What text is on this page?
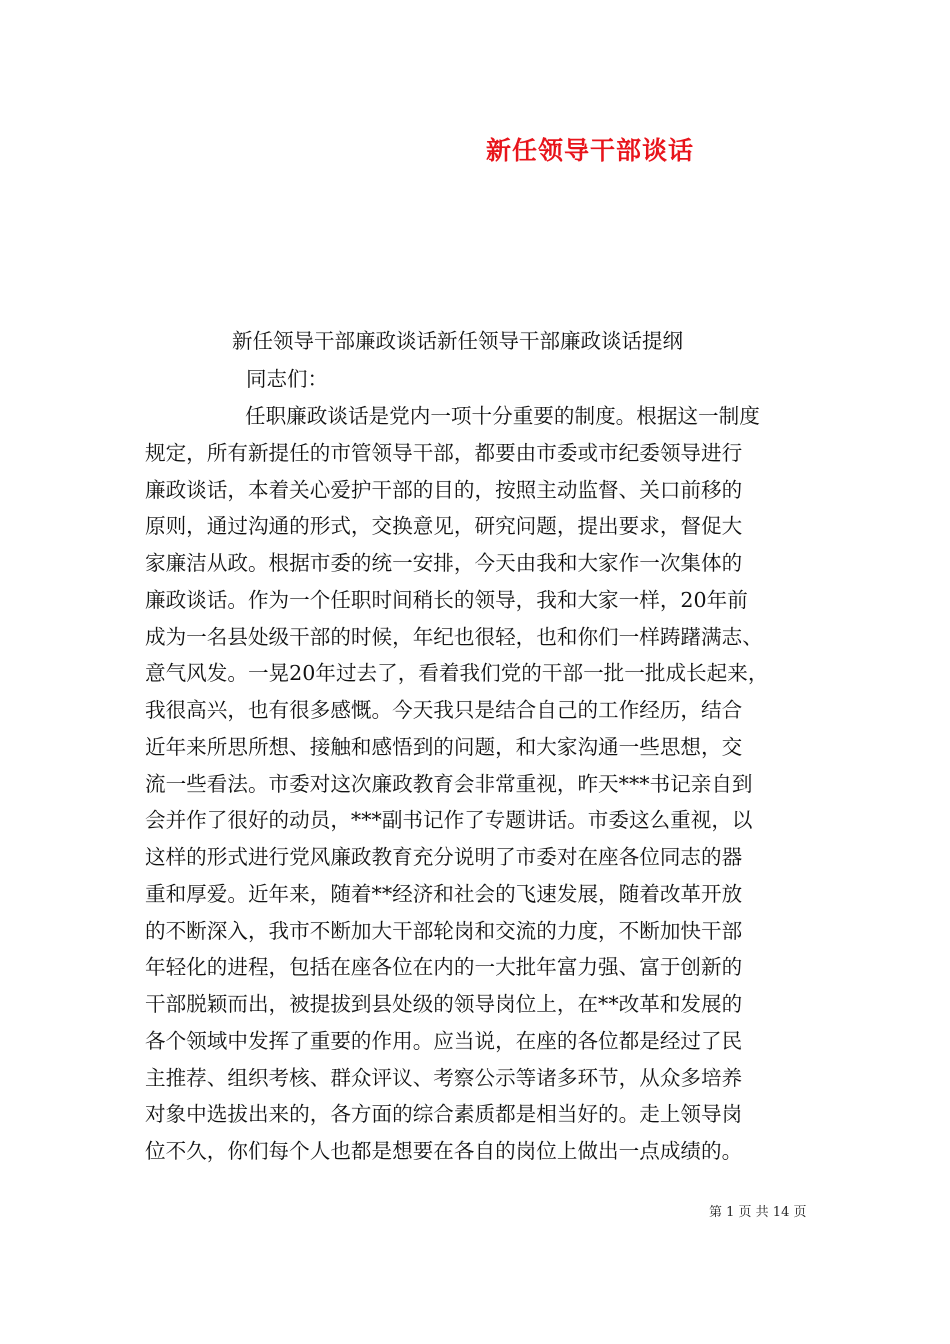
新任领导干部谈话
新任领导干部廉政谈话新任领导干部廉政谈话提纲
同志们：
任职廉政谈话是党内一项十分重要的制度。根据这一制度
规定，所有新提任的市管领导干部，都要由市委或市纪委领导进行
廉政谈话，本着关心爱护干部的目的，按照主动监督、关口前移的
原则，通过沟通的形式，交换意见，研究问题，提出要求，督促大
家廉洁从政。根据市委的统一安排，今天由我和大家作一次集体的
廉政谈话。作为一个任职时间稍长的领导，我和大家一样，20年前
成为一名县处级干部的时候，年纪也很轻，也和你们一样踌躇满志、
意气风发。一晃20年过去了，看着我们党的干部一批一批成长起来，
我很高兴，也有很多感慨。今天我只是结合自己的工作经历，结合
近年来所思所想、接触和感悟到的问题，和大家沟通一些思想，交
流一些看法。市委对这次廉政教育会非常重视，昨天***书记亲自到
会并作了很好的动员，***副书记作了专题讲话。市委这么重视，以
这样的形式进行党风廉政教育充分说明了市委对在座各位同志的器
重和厚爱。近年来，随着**经济和社会的飞速发展，随着改革开放
的不断深入，我市不断加大干部轮岗和交流的力度，不断加快干部
年轻化的进程，包括在座各位在内的一大批年富力强、富于创新的
干部脱颖而出，被提拔到县处级的领导岗位上，在**改革和发展的
各个领域中发挥了重要的作用。应当说，在座的各位都是经过了民
主推荐、组织考核、群众评议、考察公示等诸多环节，从众多培养
对象中选拔出来的，各方面的综合素质都是相当好的。走上领导岗
位不久，你们每个人也都是想要在各自的岗位上做出一点成绩的。
第 1 页 共 14 页
